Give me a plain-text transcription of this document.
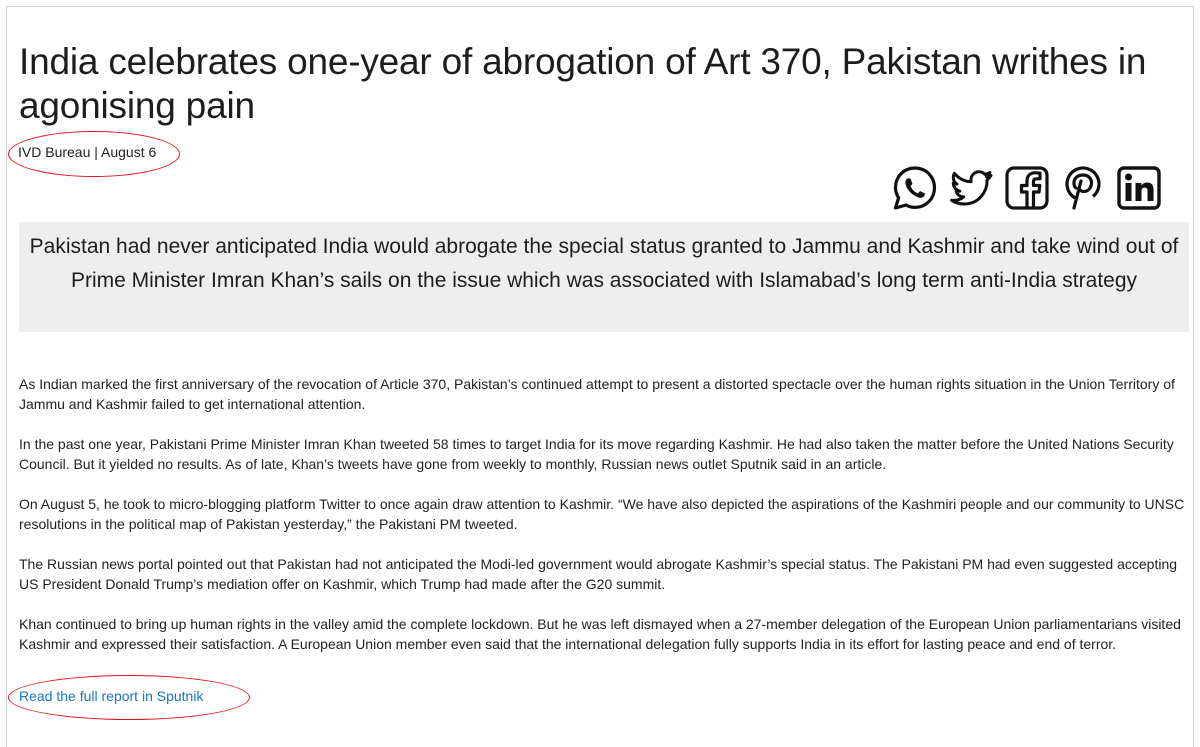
India celebrates one-year of abrogation of Art 370, Pakistan writhes in agonising pain
IVD Bureau | August 6

Pakistan had never anticipated India would abrogate the special status granted to Jammu and Kashmir and take wind out of Prime Minister Imran Khan’s sails on the issue which was associated with Islamabad’s long term anti-India strategy

As Indian marked the first anniversary of the revocation of Article 370, Pakistan’s continued attempt to present a distorted spectacle over the human rights situation in the Union Territory of Jammu and Kashmir failed to get international attention.

In the past one year, Pakistani Prime Minister Imran Khan tweeted 58 times to target India for its move regarding Kashmir. He had also taken the matter before the United Nations Security Council. But it yielded no results. As of late, Khan’s tweets have gone from weekly to monthly, Russian news outlet Sputnik said in an article.

On August 5, he took to micro-blogging platform Twitter to once again draw attention to Kashmir. “We have also depicted the aspirations of the Kashmiri people and our community to UNSC resolutions in the political map of Pakistan yesterday,” the Pakistani PM tweeted.

The Russian news portal pointed out that Pakistan had not anticipated the Modi-led government would abrogate Kashmir’s special status. The Pakistani PM had even suggested accepting US President Donald Trump’s mediation offer on Kashmir, which Trump had made after the G20 summit.

Khan continued to bring up human rights in the valley amid the complete lockdown. But he was left dismayed when a 27-member delegation of the European Union parliamentarians visited Kashmir and expressed their satisfaction. A European Union member even said that the international delegation fully supports India in its effort for lasting peace and end of terror.

Read the full report in Sputnik
